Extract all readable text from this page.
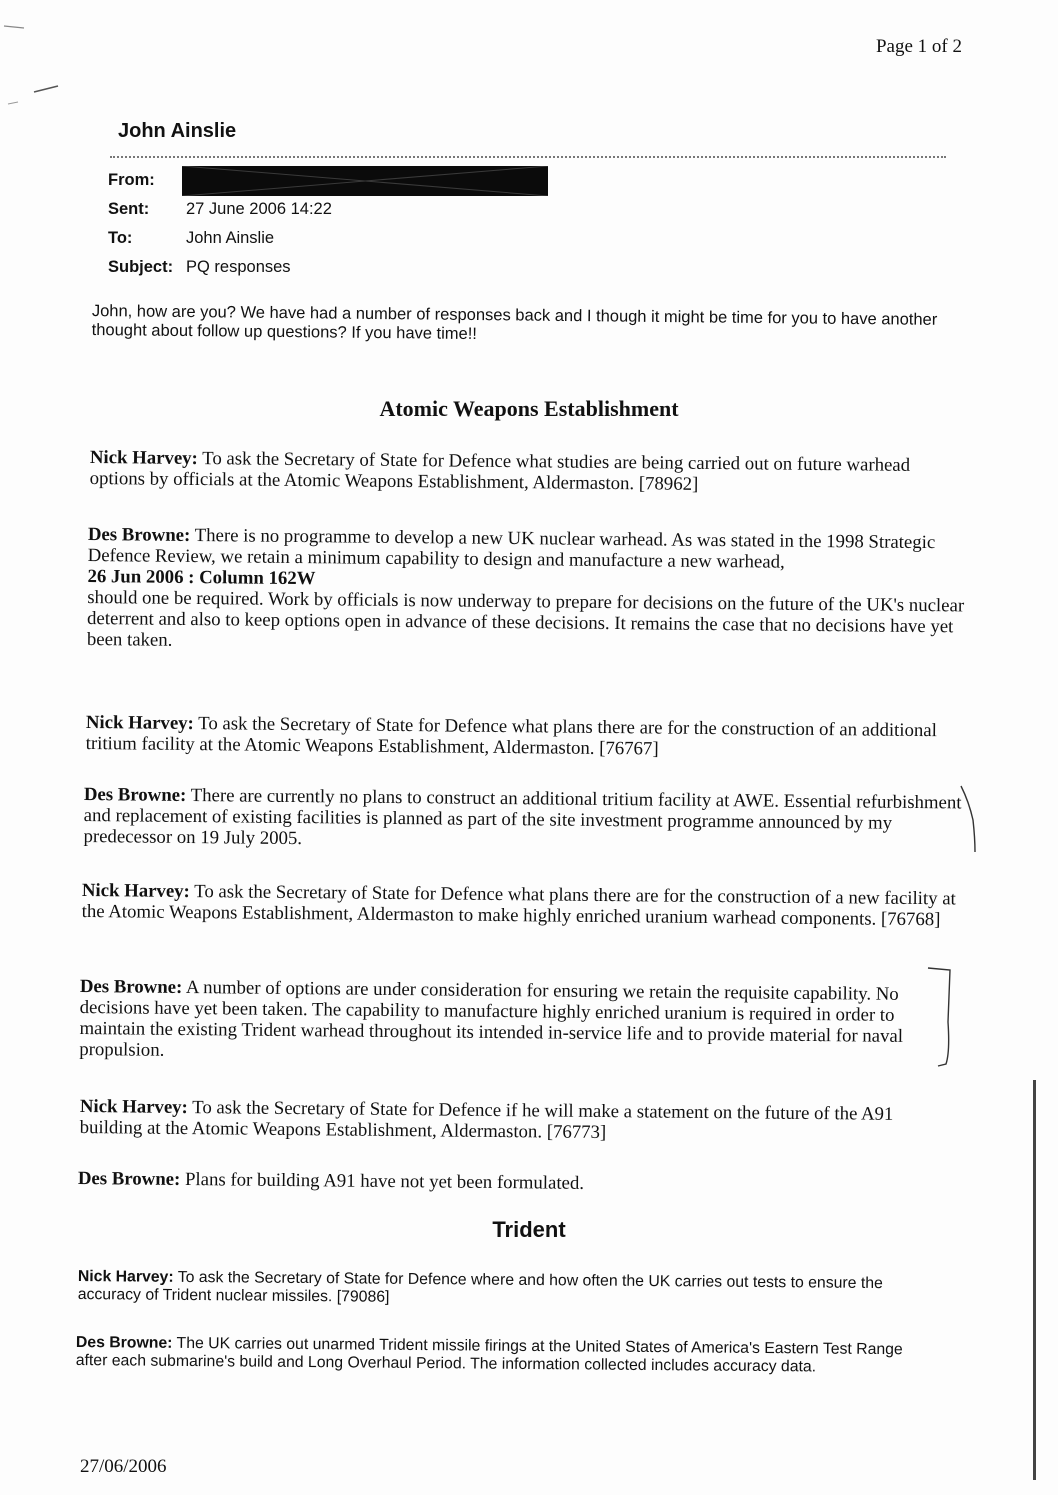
Page 1 of 2
John Ainslie
From:
Sent:	27 June 2006 14:22
To:	John Ainslie
Subject: PQ responses
John, how are you? We have had a number of responses back and I though it might be time for you to have another thought about follow up questions? If you have time!!
Atomic Weapons Establishment
Nick Harvey: To ask the Secretary of State for Defence what studies are being carried out on future warhead options by officials at the Atomic Weapons Establishment, Aldermaston. [78962]
Des Browne: There is no programme to develop a new UK nuclear warhead. As was stated in the 1998 Strategic Defence Review, we retain a minimum capability to design and manufacture a new warhead,
26 Jun 2006 : Column 162W
should one be required. Work by officials is now underway to prepare for decisions on the future of the UK's nuclear deterrent and also to keep options open in advance of these decisions. It remains the case that no decisions have yet been taken.
Nick Harvey: To ask the Secretary of State for Defence what plans there are for the construction of an additional tritium facility at the Atomic Weapons Establishment, Aldermaston. [76767]
Des Browne: There are currently no plans to construct an additional tritium facility at AWE. Essential refurbishment and replacement of existing facilities is planned as part of the site investment programme announced by my predecessor on 19 July 2005.
Nick Harvey: To ask the Secretary of State for Defence what plans there are for the construction of a new facility at the Atomic Weapons Establishment, Aldermaston to make highly enriched uranium warhead components. [76768]
Des Browne: A number of options are under consideration for ensuring we retain the requisite capability. No decisions have yet been taken. The capability to manufacture highly enriched uranium is required in order to maintain the existing Trident warhead throughout its intended in-service life and to provide material for naval propulsion.
Nick Harvey: To ask the Secretary of State for Defence if he will make a statement on the future of the A91 building at the Atomic Weapons Establishment, Aldermaston. [76773]
Des Browne: Plans for building A91 have not yet been formulated.
Trident
Nick Harvey: To ask the Secretary of State for Defence where and how often the UK carries out tests to ensure the accuracy of Trident nuclear missiles. [79086]
Des Browne: The UK carries out unarmed Trident missile firings at the United States of America's Eastern Test Range after each submarine's build and Long Overhaul Period. The information collected includes accuracy data.
27/06/2006
